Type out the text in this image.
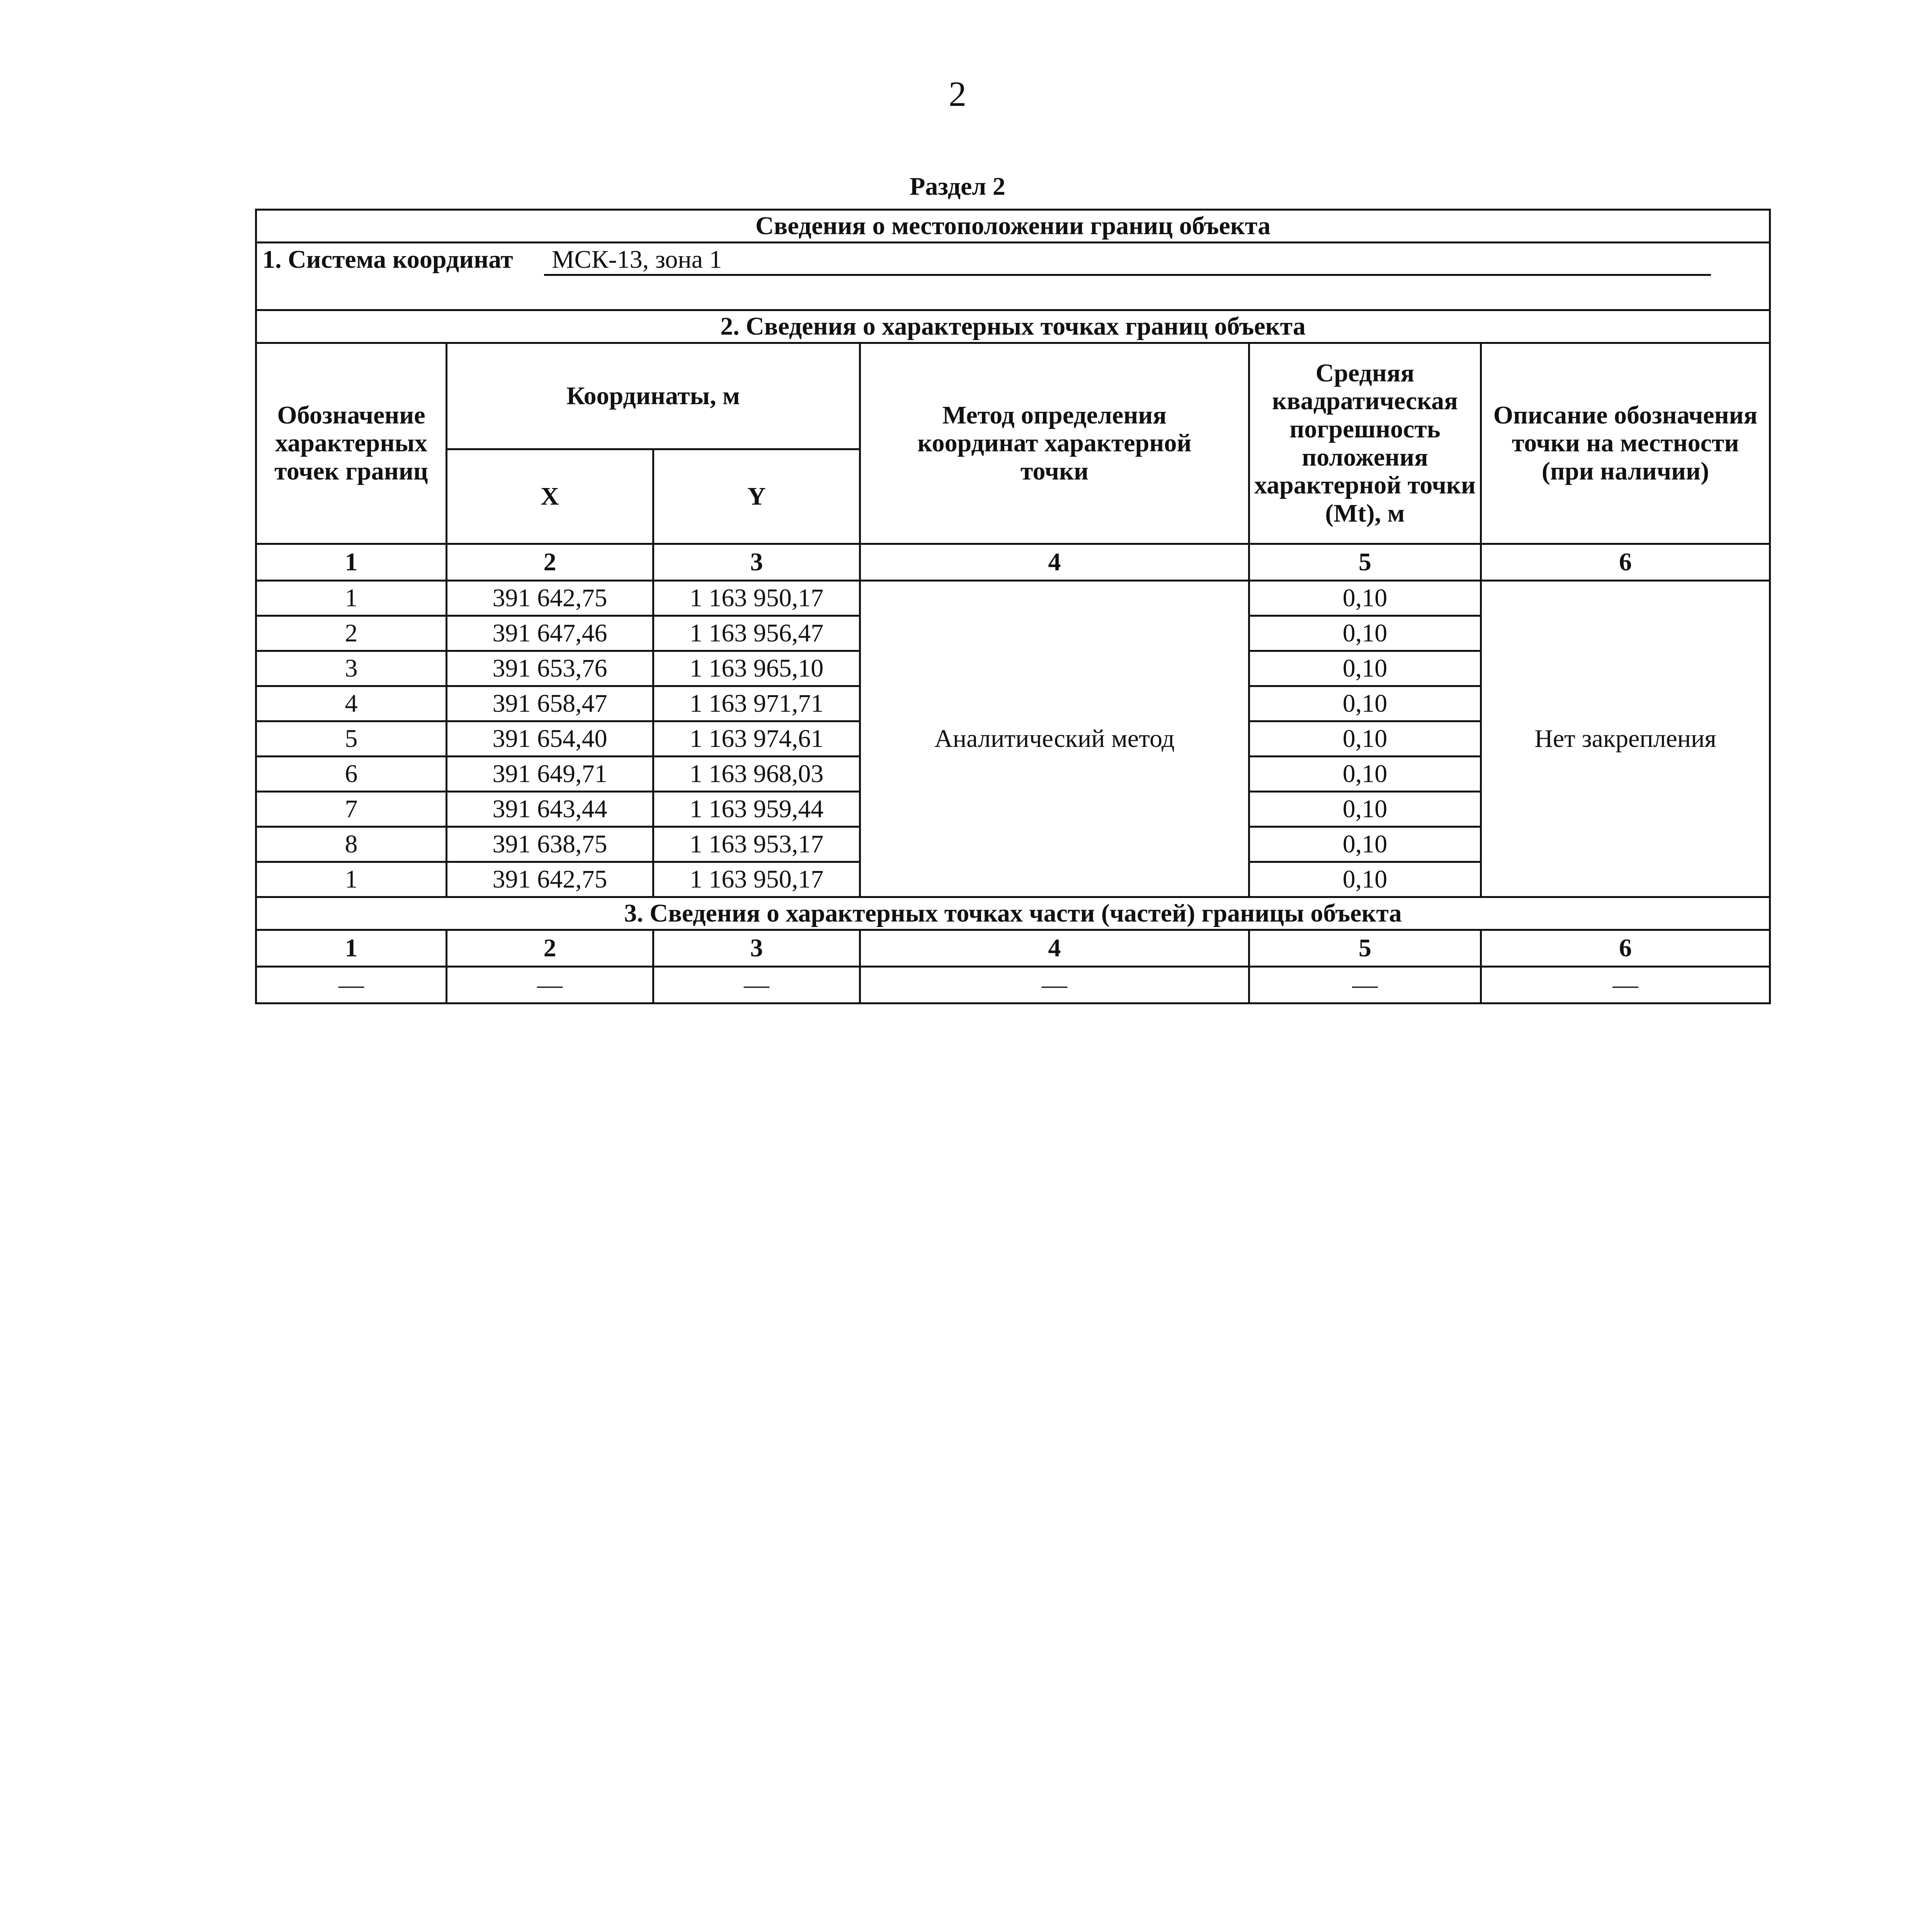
2
Раздел 2
Сведения о местоположении границ объекта					

1. Система координат МСК-13, зона 1					

2. Сведения о характерных точках границ объекта					
Обозначение характерных точек границ	Координаты, м		Метод определения координат характерной точки	Средняя квадратическая погрешность положения характерной точки (Mt), м	Описание обозначения точки на местности (при наличии)
	X	Y			
1	2	3	4	5	6
1	391 642,75	1 163 950,17	Аналитический метод	0,10	Нет закрепления
2	391 647,46	1 163 956,47		0,10	
3	391 653,76	1 163 965,10		0,10	
4	391 658,47	1 163 971,71		0,10	
5	391 654,40	1 163 974,61		0,10	
6	391 649,71	1 163 968,03		0,10	
7	391 643,44	1 163 959,44		0,10	
8	391 638,75	1 163 953,17		0,10	
1	391 642,75	1 163 950,17		0,10	
3. Сведения о характерных точках части (частей) границы объекта					
1	2	3	4	5	6
—	—	—	—	—	—
